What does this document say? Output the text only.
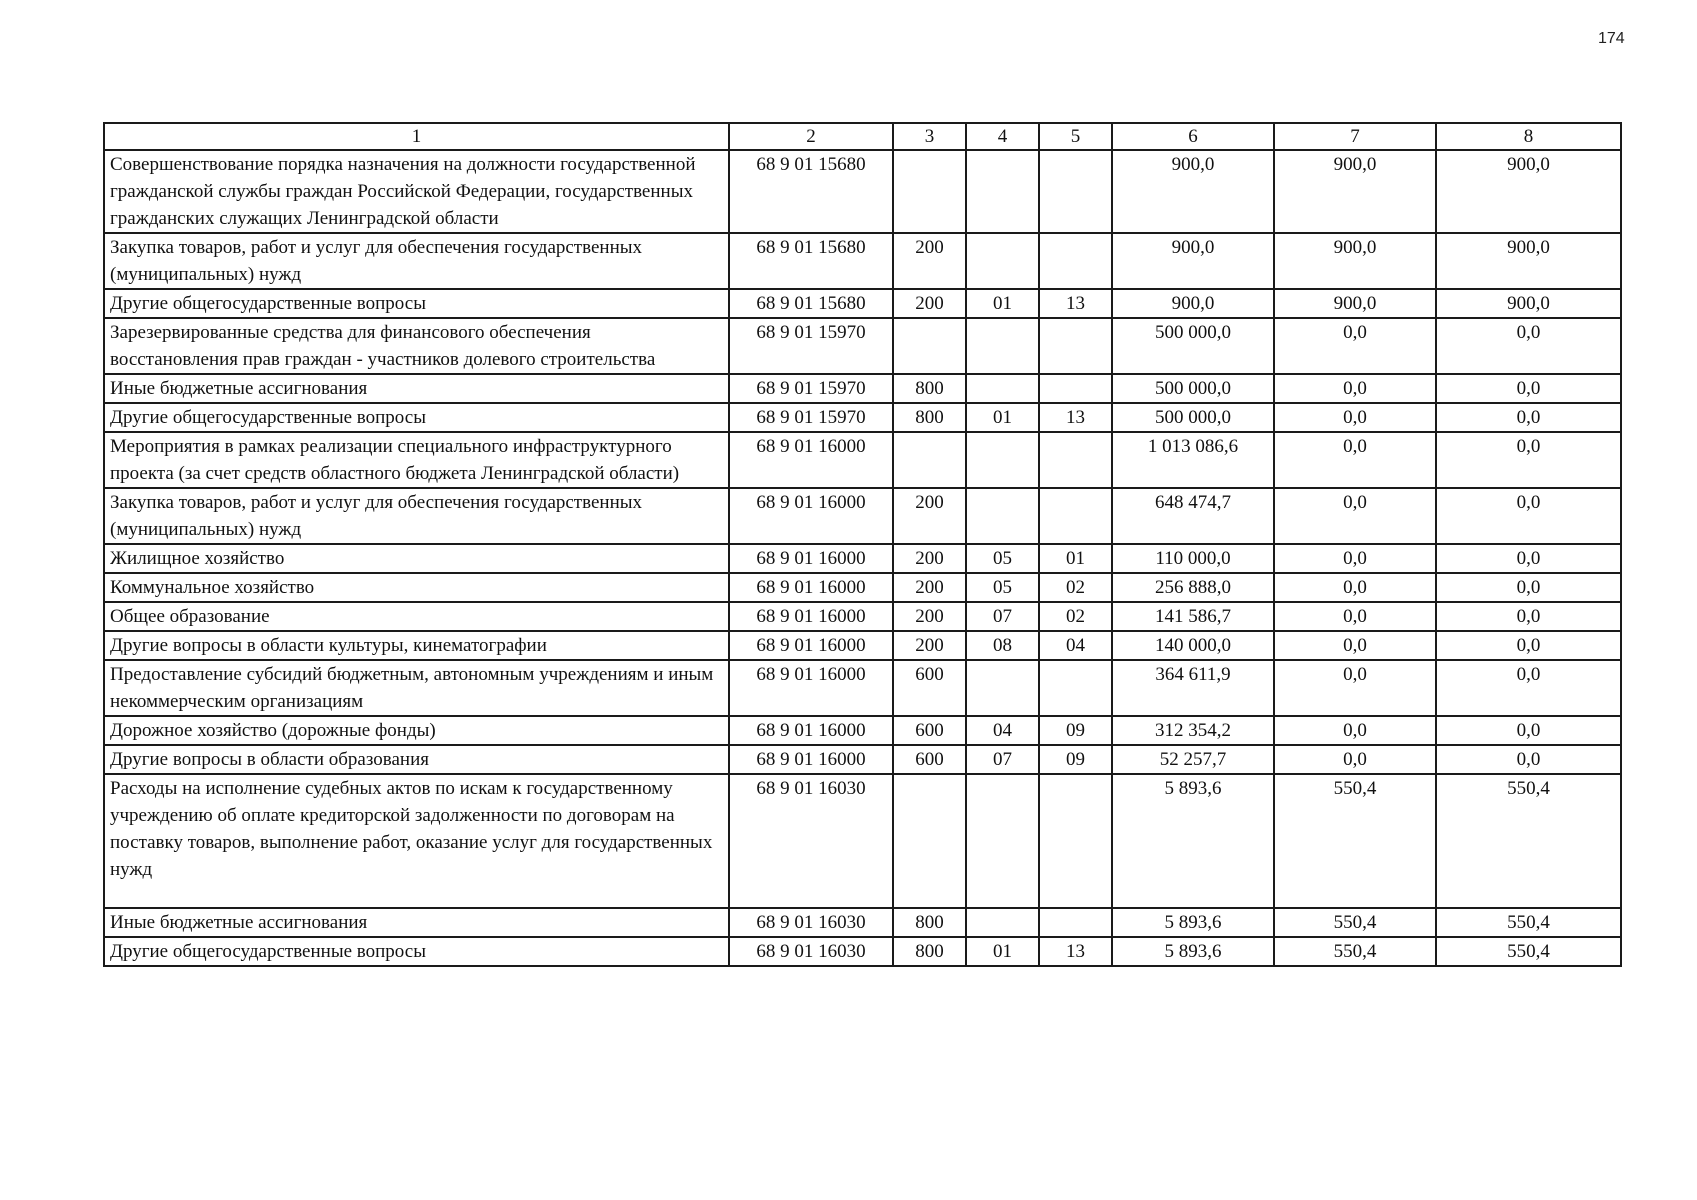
174
1	2	3	4	5	6	7	8
Совершенствование порядка назначения на должности государственной гражданской службы граждан Российской Федерации, государственных гражданских служащих Ленинградской области	68 9 01 15680				900,0	900,0	900,0
Закупка товаров, работ и услуг для обеспечения государственных (муниципальных) нужд	68 9 01 15680	200			900,0	900,0	900,0
Другие общегосударственные вопросы	68 9 01 15680	200	01	13	900,0	900,0	900,0
Зарезервированные средства для финансового обеспечения восстановления прав граждан - участников долевого строительства	68 9 01 15970				500 000,0	0,0	0,0
Иные бюджетные ассигнования	68 9 01 15970	800			500 000,0	0,0	0,0
Другие общегосударственные вопросы	68 9 01 15970	800	01	13	500 000,0	0,0	0,0
Мероприятия в рамках реализации специального инфраструктурного проекта (за счет средств областного бюджета Ленинградской области)	68 9 01 16000				1 013 086,6	0,0	0,0
Закупка товаров, работ и услуг для обеспечения государственных (муниципальных) нужд	68 9 01 16000	200			648 474,7	0,0	0,0
Жилищное хозяйство	68 9 01 16000	200	05	01	110 000,0	0,0	0,0
Коммунальное хозяйство	68 9 01 16000	200	05	02	256 888,0	0,0	0,0
Общее образование	68 9 01 16000	200	07	02	141 586,7	0,0	0,0
Другие вопросы в области культуры, кинематографии	68 9 01 16000	200	08	04	140 000,0	0,0	0,0
Предоставление субсидий бюджетным, автономным учреждениям и иным некоммерческим организациям	68 9 01 16000	600			364 611,9	0,0	0,0
Дорожное хозяйство (дорожные фонды)	68 9 01 16000	600	04	09	312 354,2	0,0	0,0
Другие вопросы в области образования	68 9 01 16000	600	07	09	52 257,7	0,0	0,0
Расходы на исполнение судебных актов по искам к государственному учреждению об оплате кредиторской задолженности по договорам на поставку товаров, выполнение работ, оказание услуг для государственных нужд	68 9 01 16030				5 893,6	550,4	550,4
Иные бюджетные ассигнования	68 9 01 16030	800			5 893,6	550,4	550,4
Другие общегосударственные вопросы	68 9 01 16030	800	01	13	5 893,6	550,4	550,4
